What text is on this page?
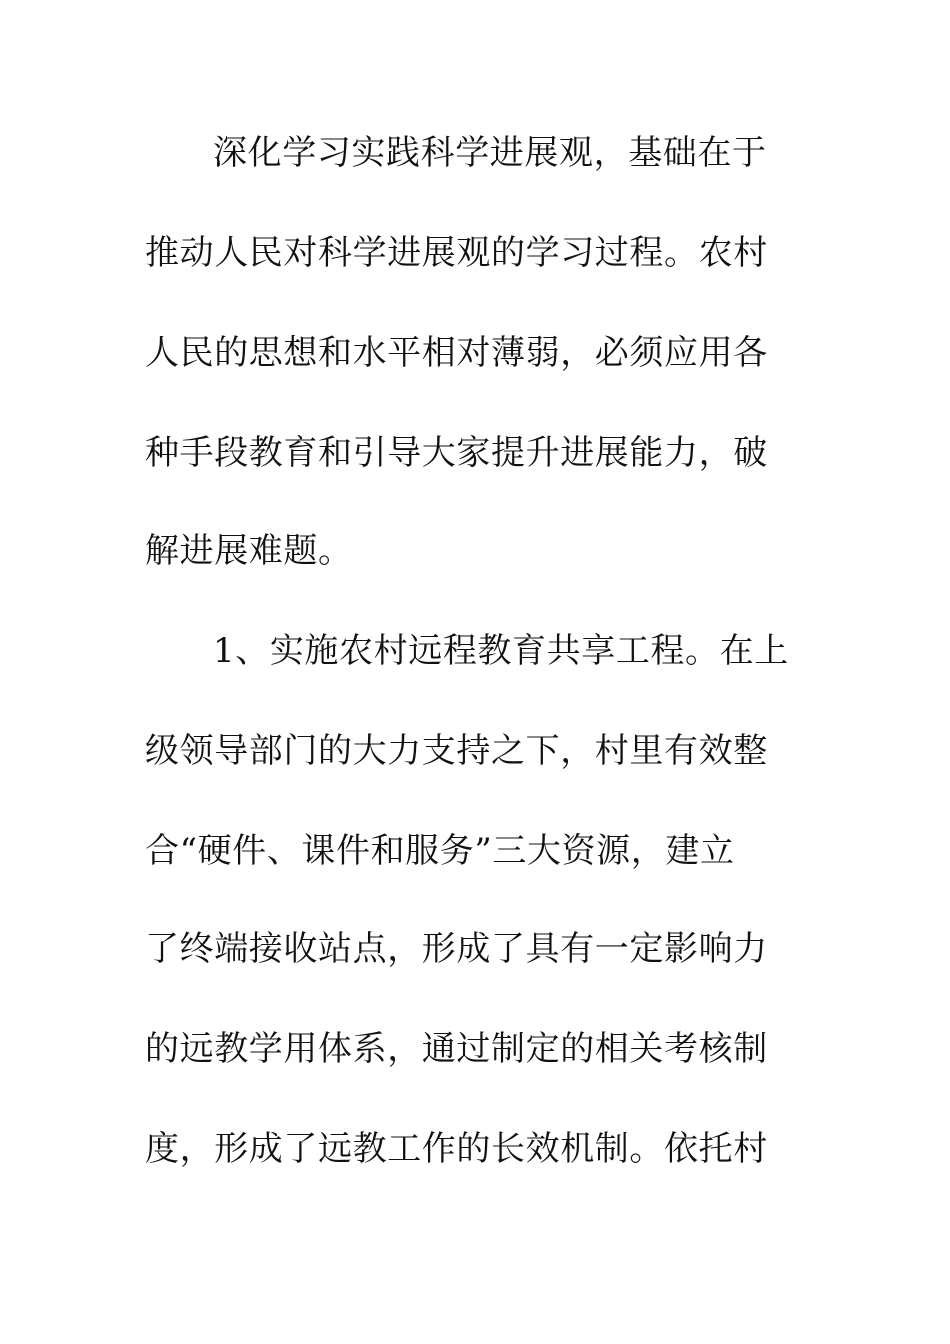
深化学习实践科学进展观，基础在于
推动人民对科学进展观的学习过程。农村
人民的思想和水平相对薄弱，必须应用各
种手段教育和引导大家提升进展能力，破
解进展难题。
1、实施农村远程教育共享工程。在上
级领导部门的大力支持之下，村里有效整
合“硬件、课件和服务”三大资源，建立
了终端接收站点，形成了具有一定影响力
的远教学用体系，通过制定的相关考核制
度，形成了远教工作的长效机制。依托村
